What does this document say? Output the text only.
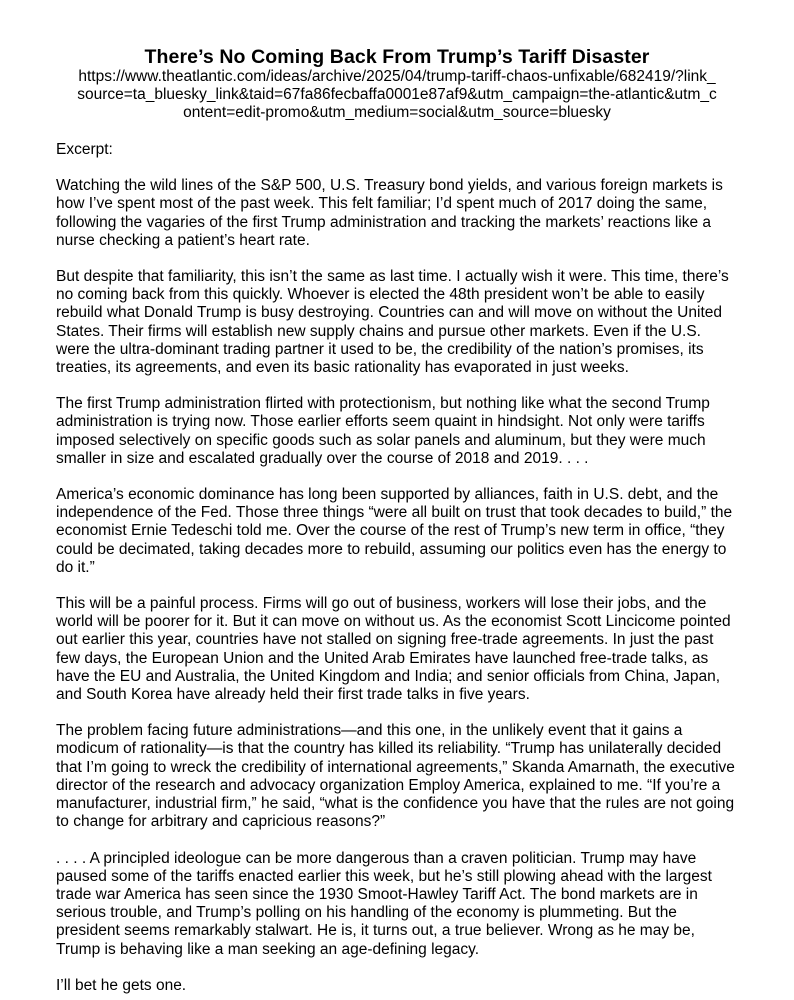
There’s No Coming Back From Trump’s Tariff Disaster

https://www.theatlantic.com/ideas/archive/2025/04/trump-tariff-chaos-unfixable/682419/?link_source=ta_bluesky_link&taid=67fa86fecbaffa0001e87af9&utm_campaign=the-atlantic&utm_content=edit-promo&utm_medium=social&utm_source=bluesky

Excerpt:

Watching the wild lines of the S&P 500, U.S. Treasury bond yields, and various foreign markets is how I’ve spent most of the past week. This felt familiar; I’d spent much of 2017 doing the same, following the vagaries of the first Trump administration and tracking the markets’ reactions like a nurse checking a patient’s heart rate.

But despite that familiarity, this isn’t the same as last time. I actually wish it were. This time, there’s no coming back from this quickly. Whoever is elected the 48th president won’t be able to easily rebuild what Donald Trump is busy destroying. Countries can and will move on without the United States. Their firms will establish new supply chains and pursue other markets. Even if the U.S. were the ultra-dominant trading partner it used to be, the credibility of the nation’s promises, its treaties, its agreements, and even its basic rationality has evaporated in just weeks.

The first Trump administration flirted with protectionism, but nothing like what the second Trump administration is trying now. Those earlier efforts seem quaint in hindsight. Not only were tariffs imposed selectively on specific goods such as solar panels and aluminum, but they were much smaller in size and escalated gradually over the course of 2018 and 2019. . . .

America’s economic dominance has long been supported by alliances, faith in U.S. debt, and the independence of the Fed. Those three things “were all built on trust that took decades to build,” the economist Ernie Tedeschi told me. Over the course of the rest of Trump’s new term in office, “they could be decimated, taking decades more to rebuild, assuming our politics even has the energy to do it.”

This will be a painful process. Firms will go out of business, workers will lose their jobs, and the world will be poorer for it. But it can move on without us. As the economist Scott Lincicome pointed out earlier this year, countries have not stalled on signing free-trade agreements. In just the past few days, the European Union and the United Arab Emirates have launched free-trade talks, as have the EU and Australia, the United Kingdom and India; and senior officials from China, Japan, and South Korea have already held their first trade talks in five years.

The problem facing future administrations—and this one, in the unlikely event that it gains a modicum of rationality—is that the country has killed its reliability. “Trump has unilaterally decided that I’m going to wreck the credibility of international agreements,” Skanda Amarnath, the executive director of the research and advocacy organization Employ America, explained to me. “If you’re a manufacturer, industrial firm,” he said, “what is the confidence you have that the rules are not going to change for arbitrary and capricious reasons?”

. . . . A principled ideologue can be more dangerous than a craven politician. Trump may have paused some of the tariffs enacted earlier this week, but he’s still plowing ahead with the largest trade war America has seen since the 1930 Smoot-Hawley Tariff Act. The bond markets are in serious trouble, and Trump’s polling on his handling of the economy is plummeting. But the president seems remarkably stalwart. He is, it turns out, a true believer. Wrong as he may be, Trump is behaving like a man seeking an age-defining legacy.

I’ll bet he gets one.
